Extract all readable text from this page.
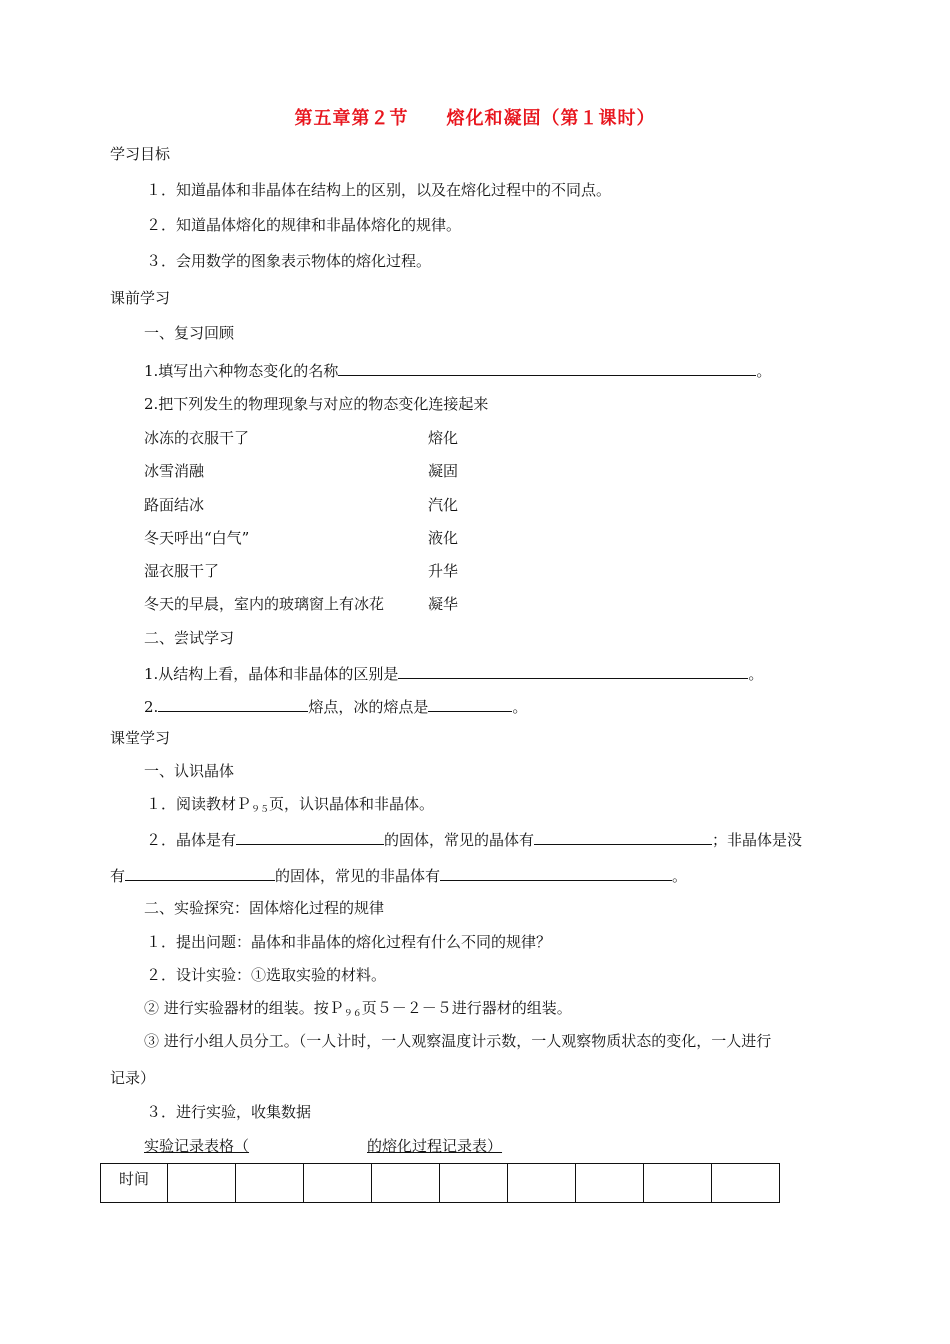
第五章第２节　　熔化和凝固（第１课时）
学习目标
１．知道晶体和非晶体在结构上的区别，以及在熔化过程中的不同点。
２．知道晶体熔化的规律和非晶体熔化的规律。
３．会用数学的图象表示物体的熔化过程。
课前学习
一、复习回顾
1.填写出六种物态变化的名称	。
2.把下列发生的物理现象与对应的物态变化连接起来
冰冻的衣服干了	熔化
冰雪消融	凝固
路面结冰	汽化
冬天呼出“白气”	液化
湿衣服干了	升华
冬天的早晨，室内的玻璃窗上有冰花	凝华
二、尝试学习
1.从结构上看，晶体和非晶体的区别是	。
2.	熔点，冰的熔点是	。
课堂学习
一、认识晶体
１．阅读教材Ｐ$_{95}$页，认识晶体和非晶体。
２．晶体是有	的固体，常见的晶体有	；非晶体是没
有	的固体，常见的非晶体有	。
二、实验探究：固体熔化过程的规律
１．提出问题：晶体和非晶体的熔化过程有什么不同的规律？
２．设计实验：①选取实验的材料。
② 进行实验器材的组装。按Ｐ$_{96}$页５－２－５进行器材的组装。
③ 进行小组人员分工。（一人计时，一人观察温度计示数，一人观察物质状态的变化，一人进行
记录）
３．进行实验，收集数据
实验记录表格（	的熔化过程记录表）
时间									
